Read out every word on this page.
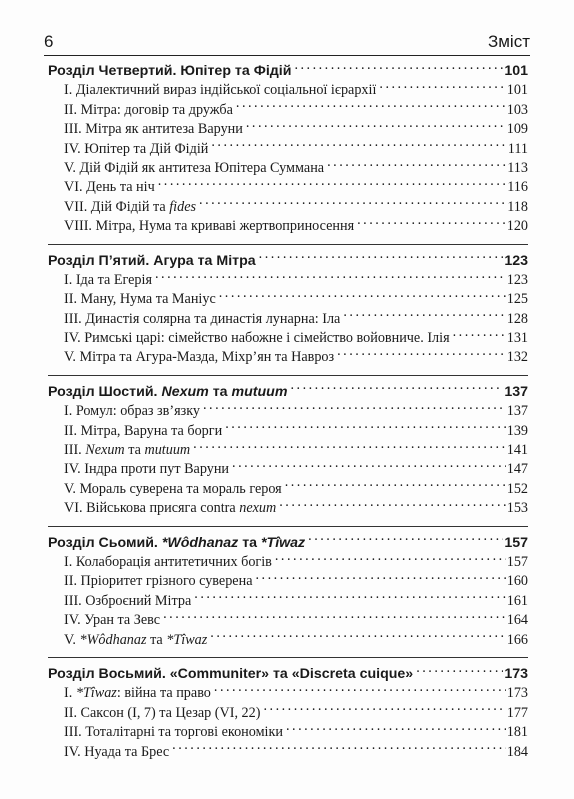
6	Зміст
Розділ Четвертий. Юпітер та Фідій	101
I. Діалектичний вираз індійської соціальної ієрархії	101
II. Мітра: договір та дружба	103
III. Мітра як антитеза Варуни	109
IV. Юпітер та Дій Фідій	111
V. Дій Фідій як антитеза Юпітера Суммана	113
VI. День та ніч	116
VII. Дій Фідій та fides	118
VIII. Мітра, Нума та криваві жертвоприносення	120
Розділ П’ятий. Агура та Мітра	123
I. Іда та Егерія	123
II. Ману, Нума та Маніус	125
III. Династія солярна та династія лунарна: Іла	128
IV. Римські царі: сімейство набожне і сімейство войовниче. Ілія	131
V. Мітра та Агура-Мазда, Міхр’ян та Навроз	132
Розділ Шостий. Nexum та mutuum	137
I. Ромул: образ зв’язку	137
II. Мітра, Варуна та борги	139
III. Nexum та mutuum	141
IV. Індра проти пут Варуни	147
V. Мораль суверена та мораль героя	152
VI. Військова присяга contra nexum	153
Розділ Сьомий. *Wôdhanaz та *Tîwaz	157
I. Колаборація антитетичних богів	157
II. Пріоритет грізного суверена	160
III. Озброєний Мітра	161
IV. Уран та Зевс	164
V. *Wôdhanaz та *Tîwaz	166
Розділ Восьмий. «Communiter» та «Discreta cuique»	173
I. *Tîwaz: війна та право	173
II. Саксон (I, 7) та Цезар (VI, 22)	177
III. Тоталітарні та торгові економіки	181
IV. Нуада та Брес	184
